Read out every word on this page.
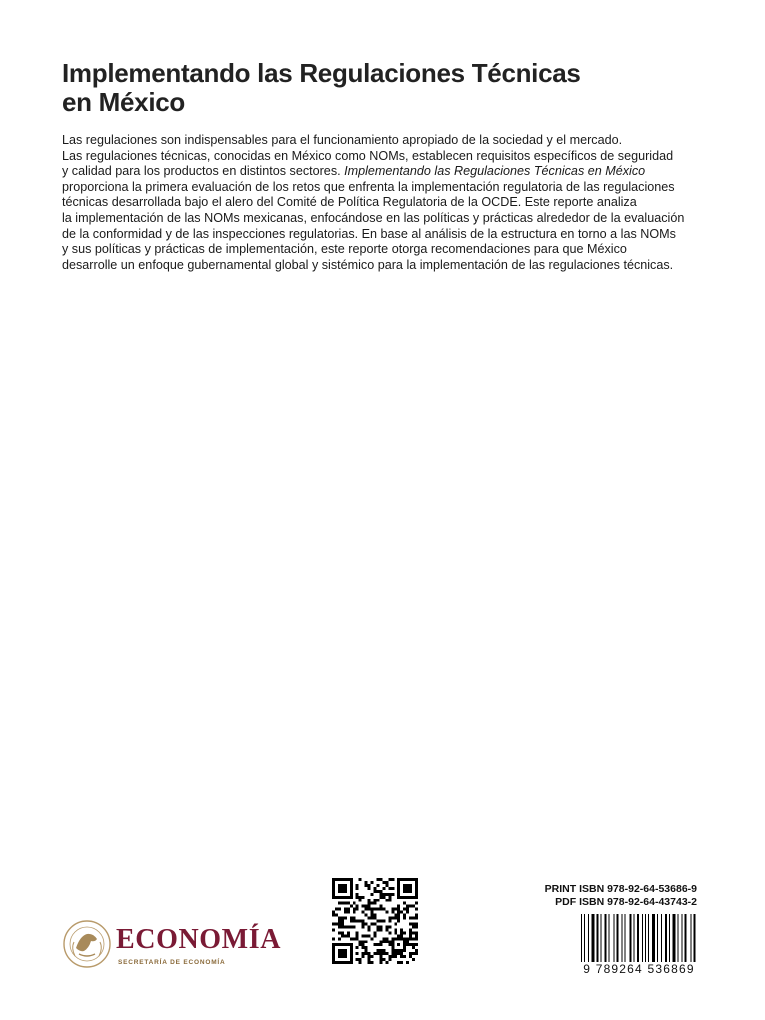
Implementando las Regulaciones Técnicas
en México
Las regulaciones son indispensables para el funcionamiento apropiado de la sociedad y el mercado.
Las regulaciones técnicas, conocidas en México como NOMs, establecen requisitos específicos de seguridad
y calidad para los productos en distintos sectores. Implementando las Regulaciones Técnicas en México
proporciona la primera evaluación de los retos que enfrenta la implementación regulatoria de las regulaciones
técnicas desarrollada bajo el alero del Comité de Política Regulatoria de la OCDE. Este reporte analiza
la implementación de las NOMs mexicanas, enfocándose en las políticas y prácticas alrededor de la evaluación
de la conformidad y de las inspecciones regulatorias. En base al análisis de la estructura en torno a las NOMs
y sus políticas y prácticas de implementación, este reporte otorga recomendaciones para que México
desarrolle un enfoque gubernamental global y sistémico para la implementación de las regulaciones técnicas.
ECONOMÍA
SECRETARÍA DE ECONOMÍA
PRINT ISBN 978-92-64-53686-9
PDF ISBN 978-92-64-43743-2
9 789264 536869
